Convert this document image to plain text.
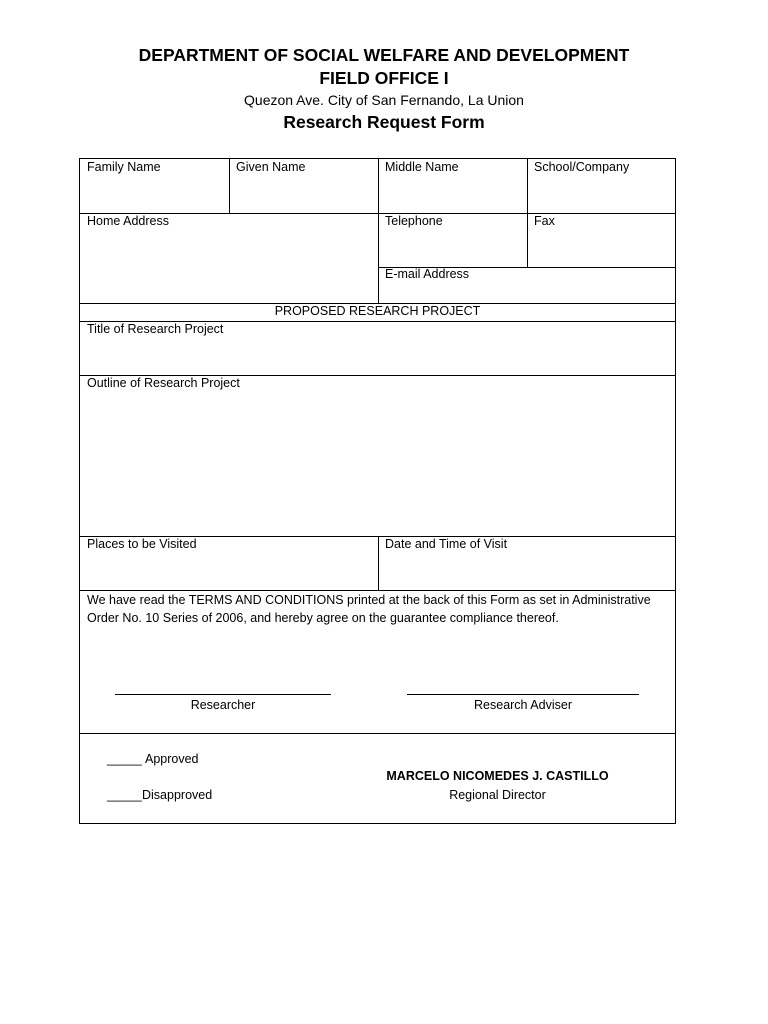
DEPARTMENT OF SOCIAL WELFARE AND DEVELOPMENT
FIELD OFFICE I
Quezon Ave. City of San Fernando, La Union
Research Request Form
Family Name	Given Name	Middle Name	School/Company
Home Address	Telephone	Fax
E-mail Address
PROPOSED RESEARCH PROJECT
Title of Research Project
Outline of Research Project
Places to be Visited	Date and Time of Visit
We have read the TERMS AND CONDITIONS printed at the back of this Form as set in Administrative Order No. 10 Series of 2006, and hereby agree on the guarantee compliance thereof.
Researcher	Research Adviser
_____ Approved
_____ Disapproved
MARCELO NICOMEDES J. CASTILLO
Regional Director
